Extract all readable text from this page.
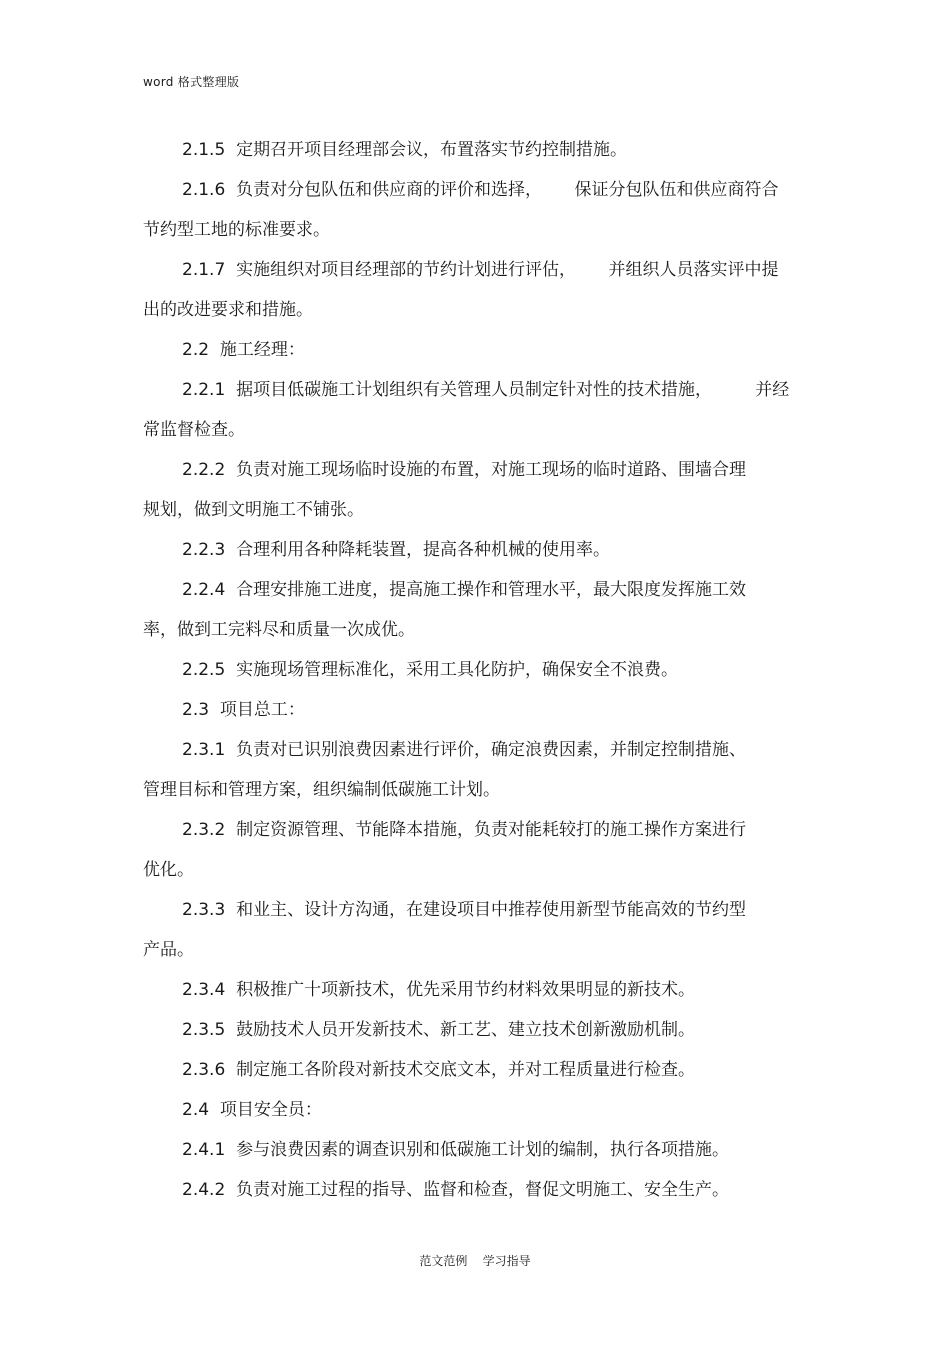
word 格式整理版
2.1.5  定期召开项目经理部会议，布置落实节约控制措施。
2.1.6  负责对分包队伍和供应商的评价和选择，      保证分包队伍和供应商符合
节约型工地的标准要求。
2.1.7  实施组织对项目经理部的节约计划进行评估，      并组织人员落实评中提
出的改进要求和措施。
2.2  施工经理：
2.2.1  据项目低碳施工计划组织有关管理人员制定针对性的技术措施，        并经
常监督检查。
2.2.2  负责对施工现场临时设施的布置，对施工现场的临时道路、围墙合理
规划，做到文明施工不铺张。
2.2.3  合理利用各种降耗装置，提高各种机械的使用率。
2.2.4  合理安排施工进度，提高施工操作和管理水平，最大限度发挥施工效
率，做到工完料尽和质量一次成优。
2.2.5  实施现场管理标准化，采用工具化防护，确保安全不浪费。
2.3  项目总工：
2.3.1  负责对已识别浪费因素进行评价，确定浪费因素，并制定控制措施、
管理目标和管理方案，组织编制低碳施工计划。
2.3.2  制定资源管理、节能降本措施，负责对能耗较打的施工操作方案进行
优化。
2.3.3  和业主、设计方沟通，在建设项目中推荐使用新型节能高效的节约型
产品。
2.3.4  积极推广十项新技术，优先采用节约材料效果明显的新技术。
2.3.5  鼓励技术人员开发新技术、新工艺、建立技术创新激励机制。
2.3.6  制定施工各阶段对新技术交底文本，并对工程质量进行检查。
2.4  项目安全员：
2.4.1  参与浪费因素的调查识别和低碳施工计划的编制，执行各项措施。
2.4.2  负责对施工过程的指导、监督和检查，督促文明施工、安全生产。
范文范例    学习指导
